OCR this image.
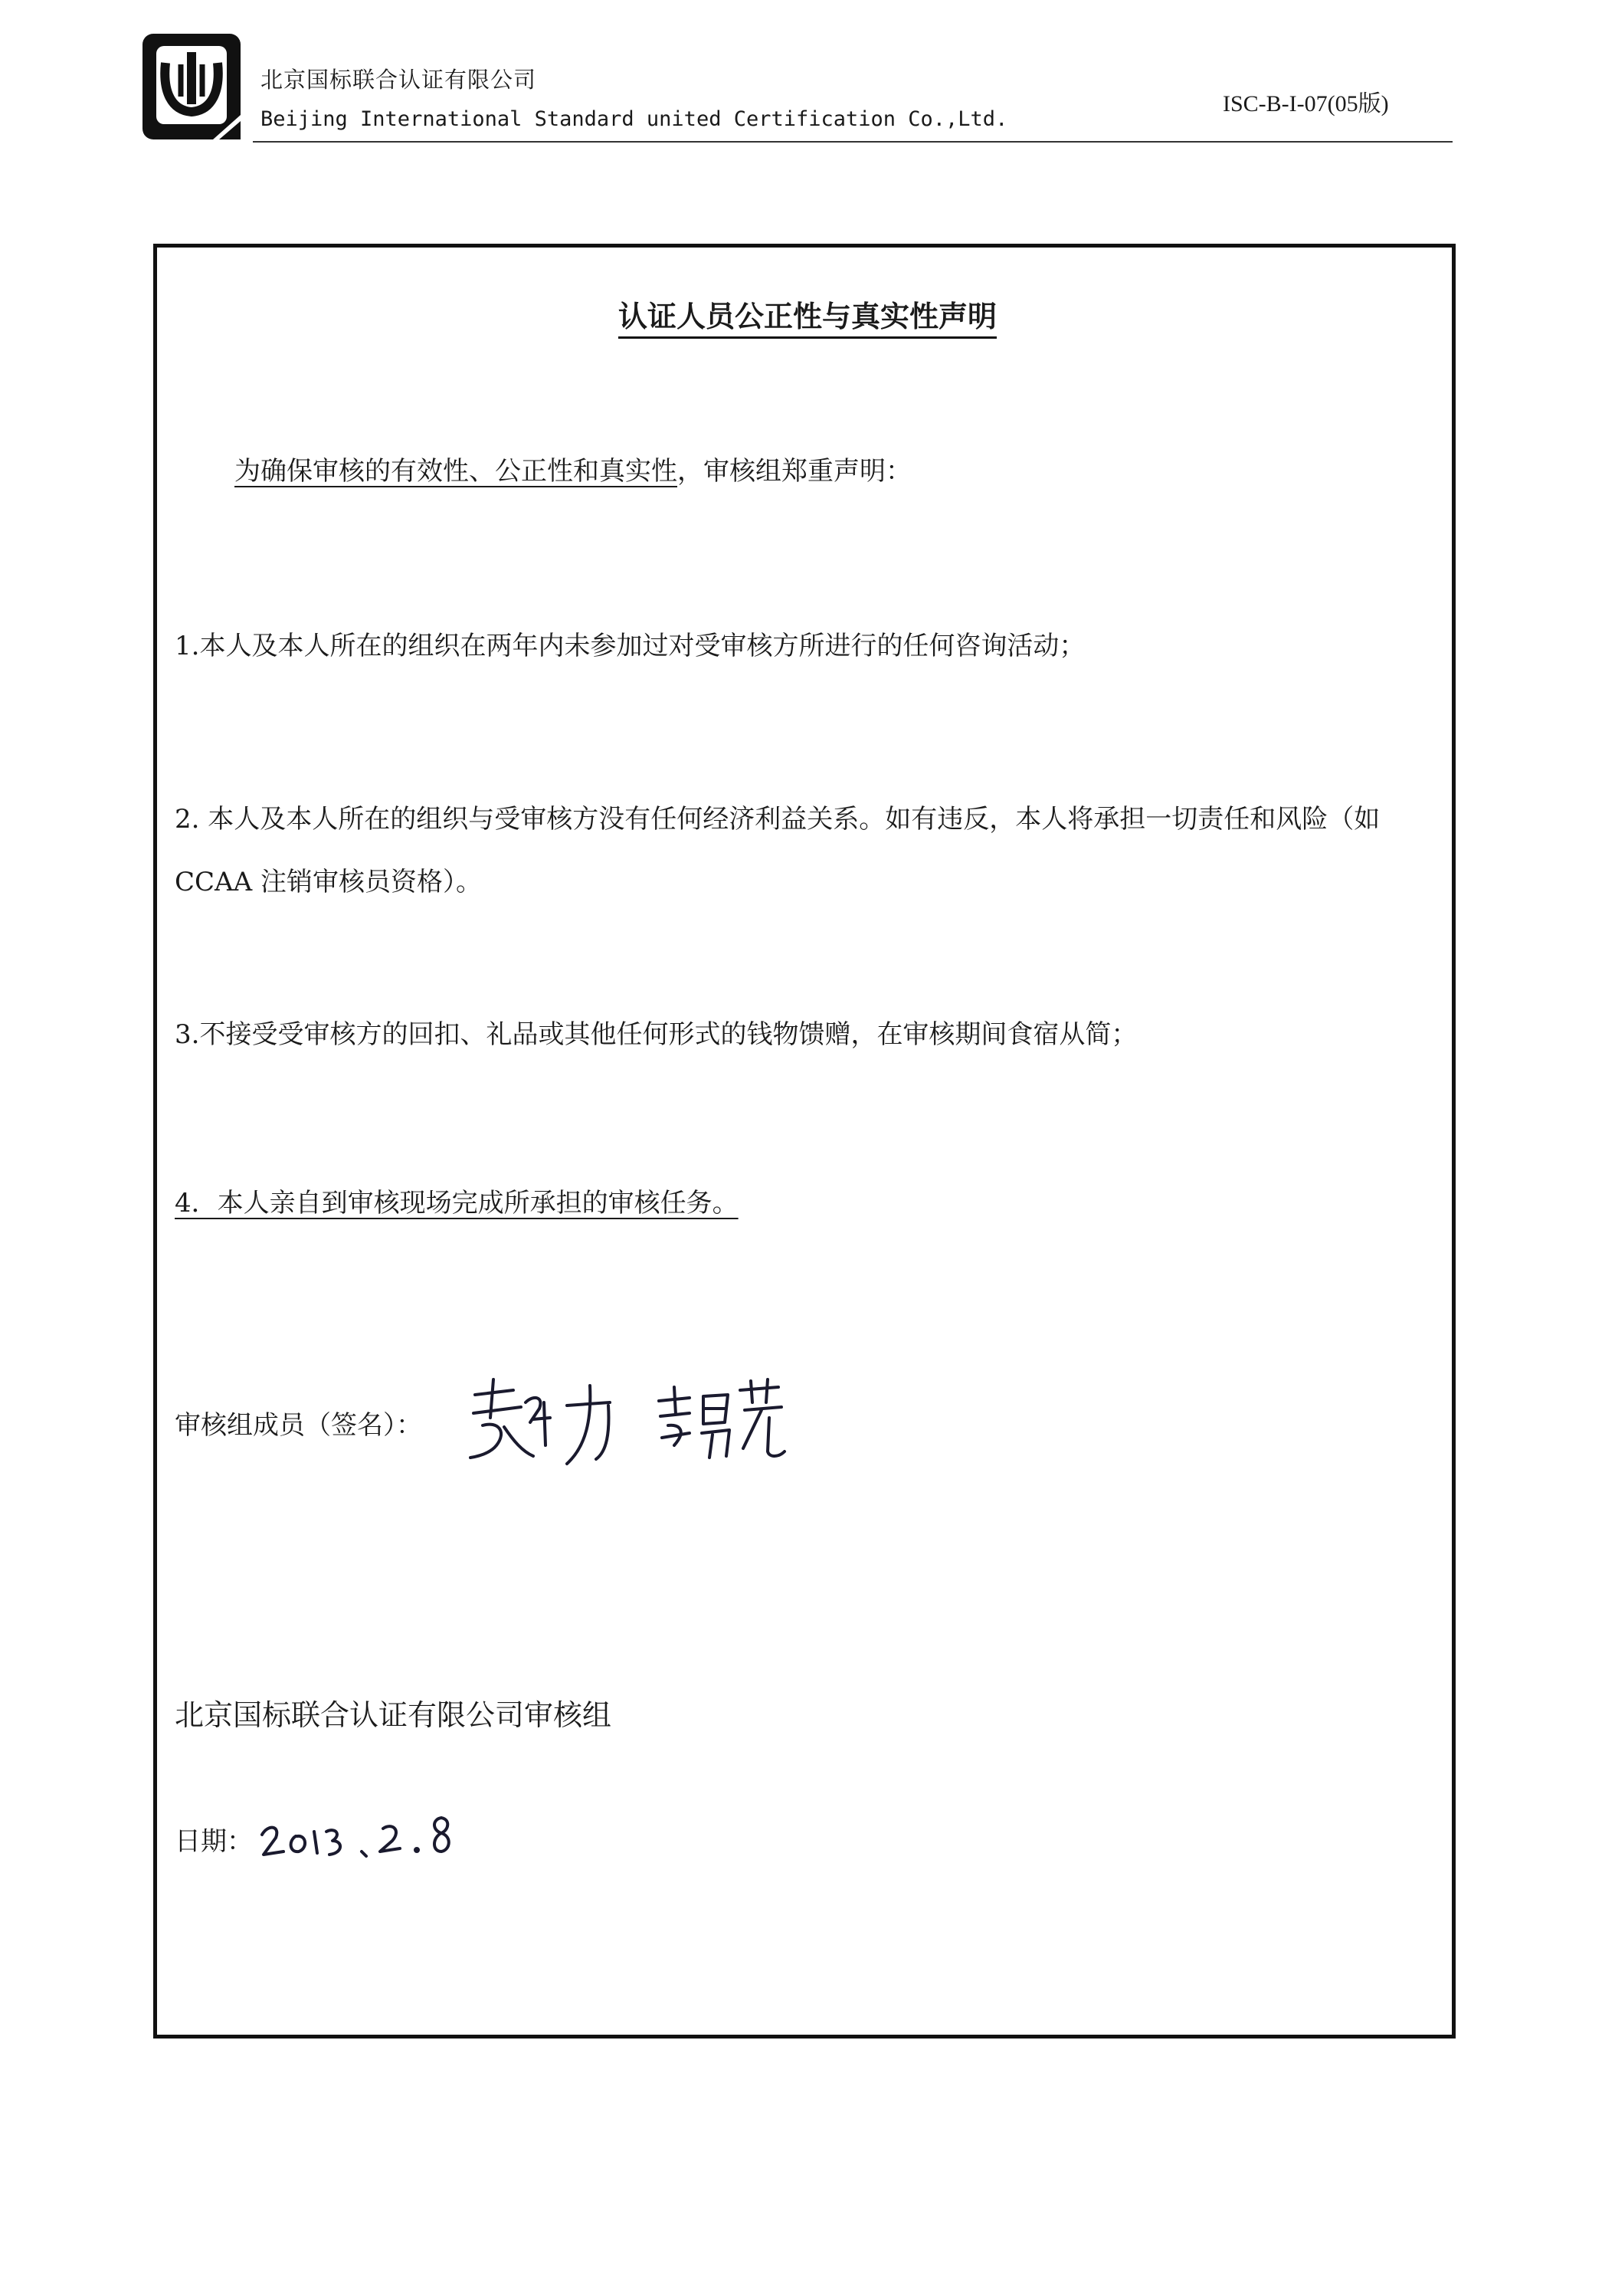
北京国标联合认证有限公司
Beijing International Standard united Certification Co.,Ltd.
ISC-B-I-07(05版)
认证人员公正性与真实性声明
为确保审核的有效性、公正性和真实性，审核组郑重声明：
1.本人及本人所在的组织在两年内未参加过对受审核方所进行的任何咨询活动；
2. 本人及本人所在的组织与受审核方没有任何经济利益关系。如有违反，本人将承担一切责任和风险（如CCAA 注销审核员资格）。
3.不接受受审核方的回扣、礼品或其他任何形式的钱物馈赠，在审核期间食宿从简；
4．本人亲自到审核现场完成所承担的审核任务。
审核组成员（签名）：
北京国标联合认证有限公司审核组
日期：
